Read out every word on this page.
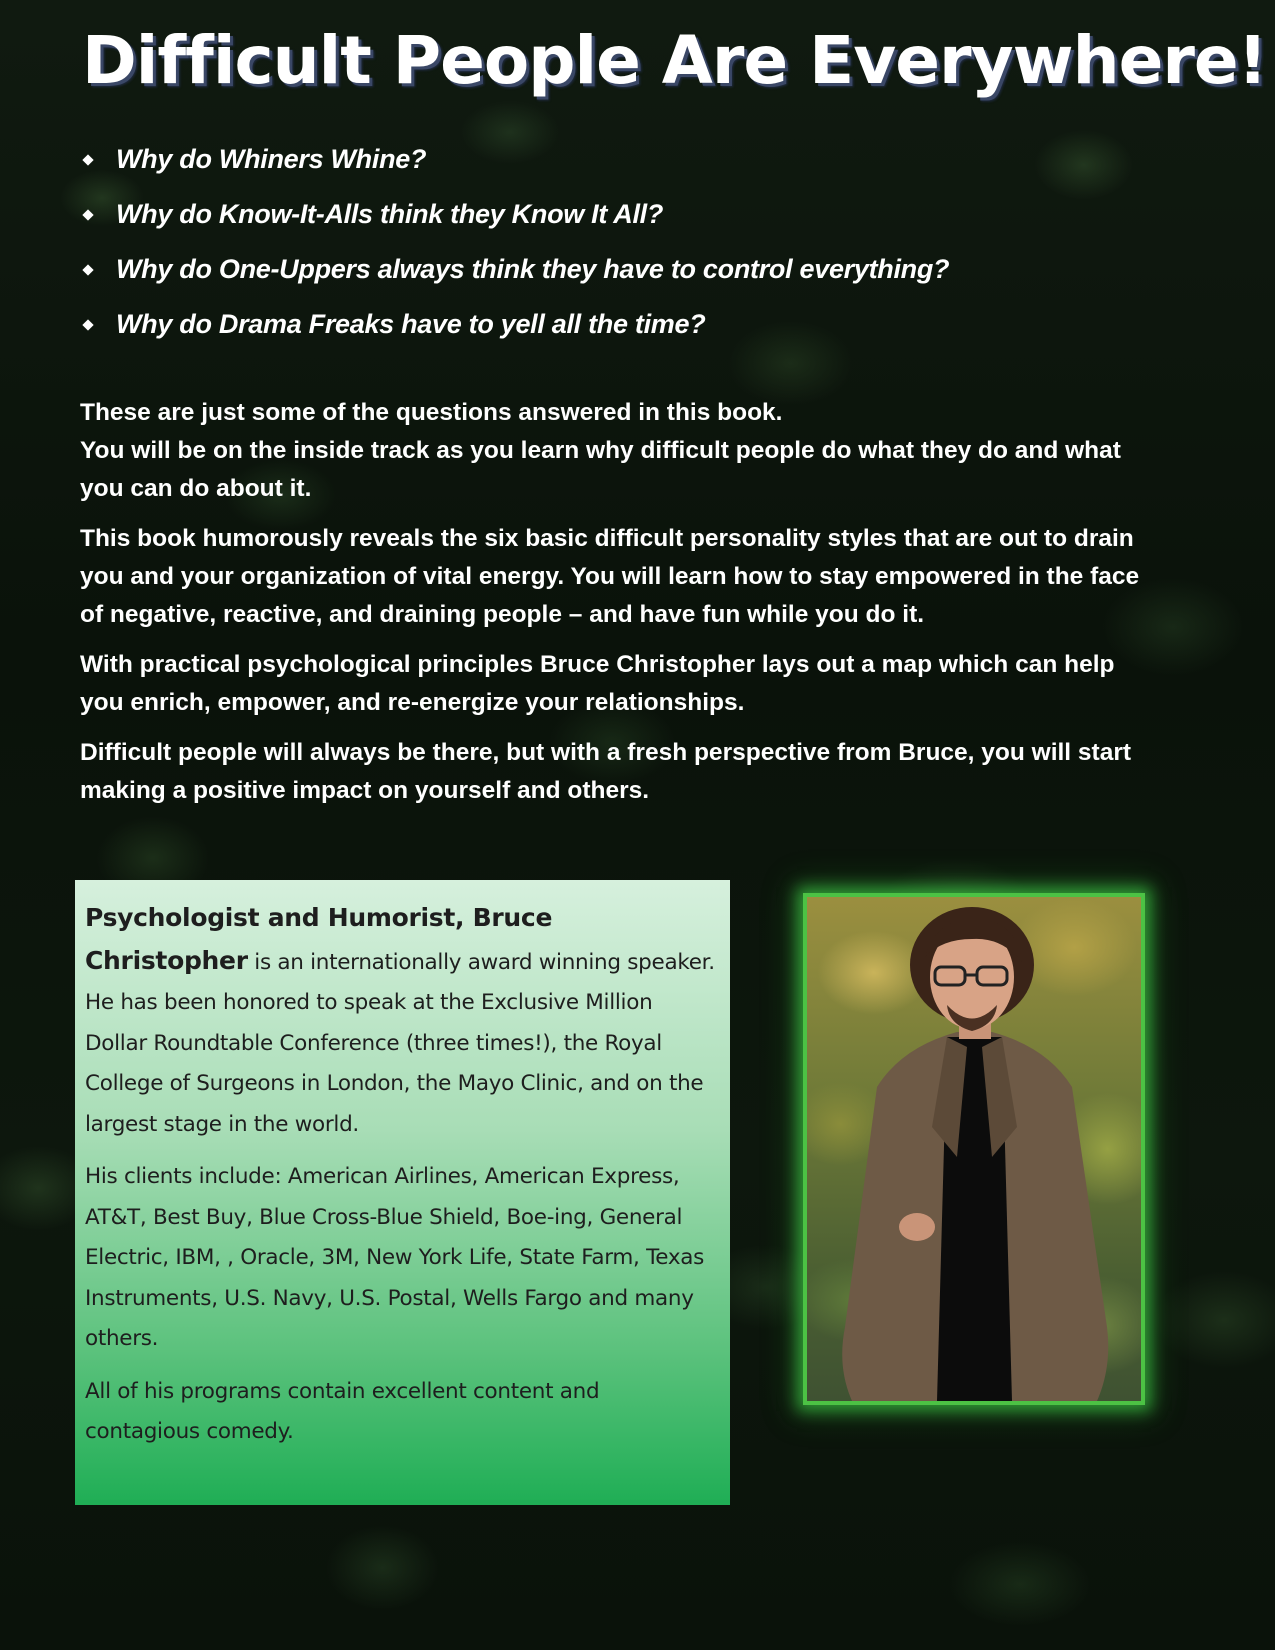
Difficult People Are Everywhere!
Why do Whiners Whine?
Why do Know-It-Alls think they Know It All?
Why do One-Uppers always think they have to control everything?
Why do Drama Freaks have to yell all the time?

These are just some of the questions answered in this book.

You will be on the inside track as you learn why difficult people do what they do and what you can do about it.

This book humorously reveals the six basic difficult personality styles that are out to drain you and your organization of vital energy. You will learn how to stay empowered in the face of negative, reactive, and draining people – and have fun while you do it.

With practical psychological principles Bruce Christopher lays out a map which can help you enrich, empower, and re-energize your relationships.

Difficult people will always be there, but with a fresh perspective from Bruce, you will start making a positive impact on yourself and others.

Psychologist and Humorist, Bruce Christopher is an internationally award winning speaker. He has been honored to speak at the Exclusive Million Dollar Roundtable Conference (three times!), the Royal College of Surgeons in London, the Mayo Clinic, and on the largest stage in the world.

His clients include: American Airlines, American Express, AT&T, Best Buy, Blue Cross-Blue Shield, Boe-ing, General Electric, IBM, , Oracle, 3M, New York Life, State Farm, Texas Instruments, U.S. Navy, U.S. Postal, Wells Fargo and many others.

All of his programs contain excellent content and contagious comedy.
